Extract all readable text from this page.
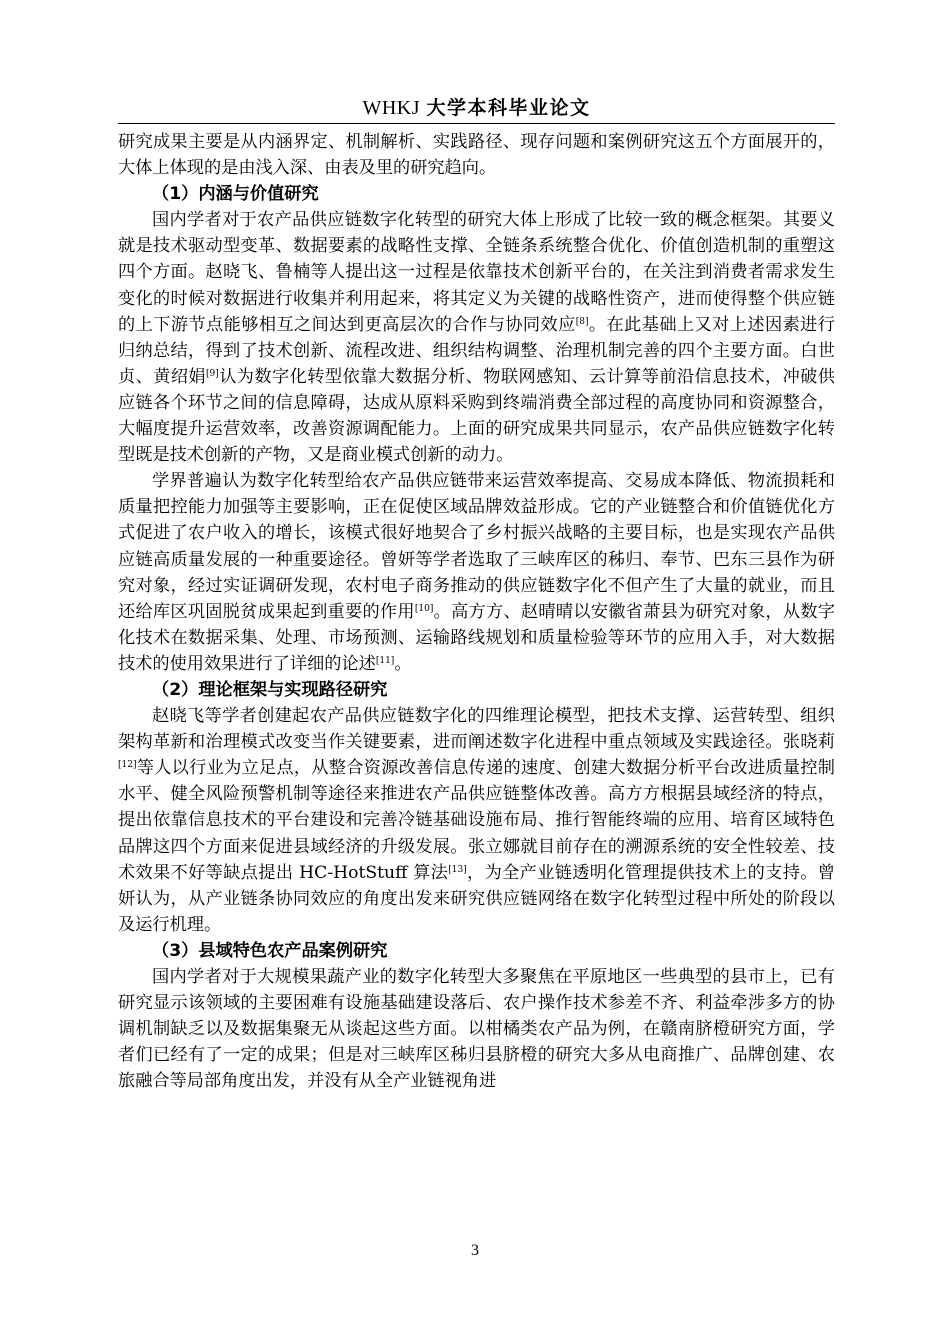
WHKJ 大学本科毕业论文

研究成果主要是从内涵界定、机制解析、实践路径、现存问题和案例研究这五个方面展开的，大体上体现的是由浅入深、由表及里的研究趋向。

（1）内涵与价值研究

国内学者对于农产品供应链数字化转型的研究大体上形成了比较一致的概念框架。其要义就是技术驱动型变革、数据要素的战略性支撑、全链条系统整合优化、价值创造机制的重塑这四个方面。赵晓飞、鲁楠等人提出这一过程是依靠技术创新平台的，在关注到消费者需求发生变化的时候对数据进行收集并利用起来，将其定义为关键的战略性资产，进而使得整个供应链的上下游节点能够相互之间达到更高层次的合作与协同效应[8]。在此基础上又对上述因素进行归纳总结，得到了技术创新、流程改进、组织结构调整、治理机制完善的四个主要方面。白世贞、黄绍娟[9]认为数字化转型依靠大数据分析、物联网感知、云计算等前沿信息技术，冲破供应链各个环节之间的信息障碍，达成从原料采购到终端消费全部过程的高度协同和资源整合，大幅度提升运营效率，改善资源调配能力。上面的研究成果共同显示，农产品供应链数字化转型既是技术创新的产物，又是商业模式创新的动力。

学界普遍认为数字化转型给农产品供应链带来运营效率提高、交易成本降低、物流损耗和质量把控能力加强等主要影响，正在促使区域品牌效益形成。它的产业链整合和价值链优化方式促进了农户收入的增长，该模式很好地契合了乡村振兴战略的主要目标，也是实现农产品供应链高质量发展的一种重要途径。曾妍等学者选取了三峡库区的秭归、奉节、巴东三县作为研究对象，经过实证调研发现，农村电子商务推动的供应链数字化不但产生了大量的就业，而且还给库区巩固脱贫成果起到重要的作用[10]。高方方、赵晴晴以安徽省萧县为研究对象，从数字化技术在数据采集、处理、市场预测、运输路线规划和质量检验等环节的应用入手，对大数据技术的使用效果进行了详细的论述[11]。

（2）理论框架与实现路径研究

赵晓飞等学者创建起农产品供应链数字化的四维理论模型，把技术支撑、运营转型、组织架构革新和治理模式改变当作关键要素，进而阐述数字化进程中重点领域及实践途径。张晓莉[12]等人以行业为立足点，从整合资源改善信息传递的速度、创建大数据分析平台改进质量控制水平、健全风险预警机制等途径来推进农产品供应链整体改善。高方方根据县域经济的特点，提出依靠信息技术的平台建设和完善冷链基础设施布局、推行智能终端的应用、培育区域特色品牌这四个方面来促进县域经济的升级发展。张立娜就目前存在的溯源系统的安全性较差、技术效果不好等缺点提出 HC-HotStuff 算法[13]，为全产业链透明化管理提供技术上的支持。曾妍认为，从产业链条协同效应的角度出发来研究供应链网络在数字化转型过程中所处的阶段以及运行机理。

（3）县域特色农产品案例研究

国内学者对于大规模果蔬产业的数字化转型大多聚焦在平原地区一些典型的县市上，已有研究显示该领域的主要困难有设施基础建设落后、农户操作技术参差不齐、利益牵涉多方的协调机制缺乏以及数据集聚无从谈起这些方面。以柑橘类农产品为例，在赣南脐橙研究方面，学者们已经有了一定的成果；但是对三峡库区秭归县脐橙的研究大多从电商推广、品牌创建、农旅融合等局部角度出发，并没有从全产业链视角进

3
